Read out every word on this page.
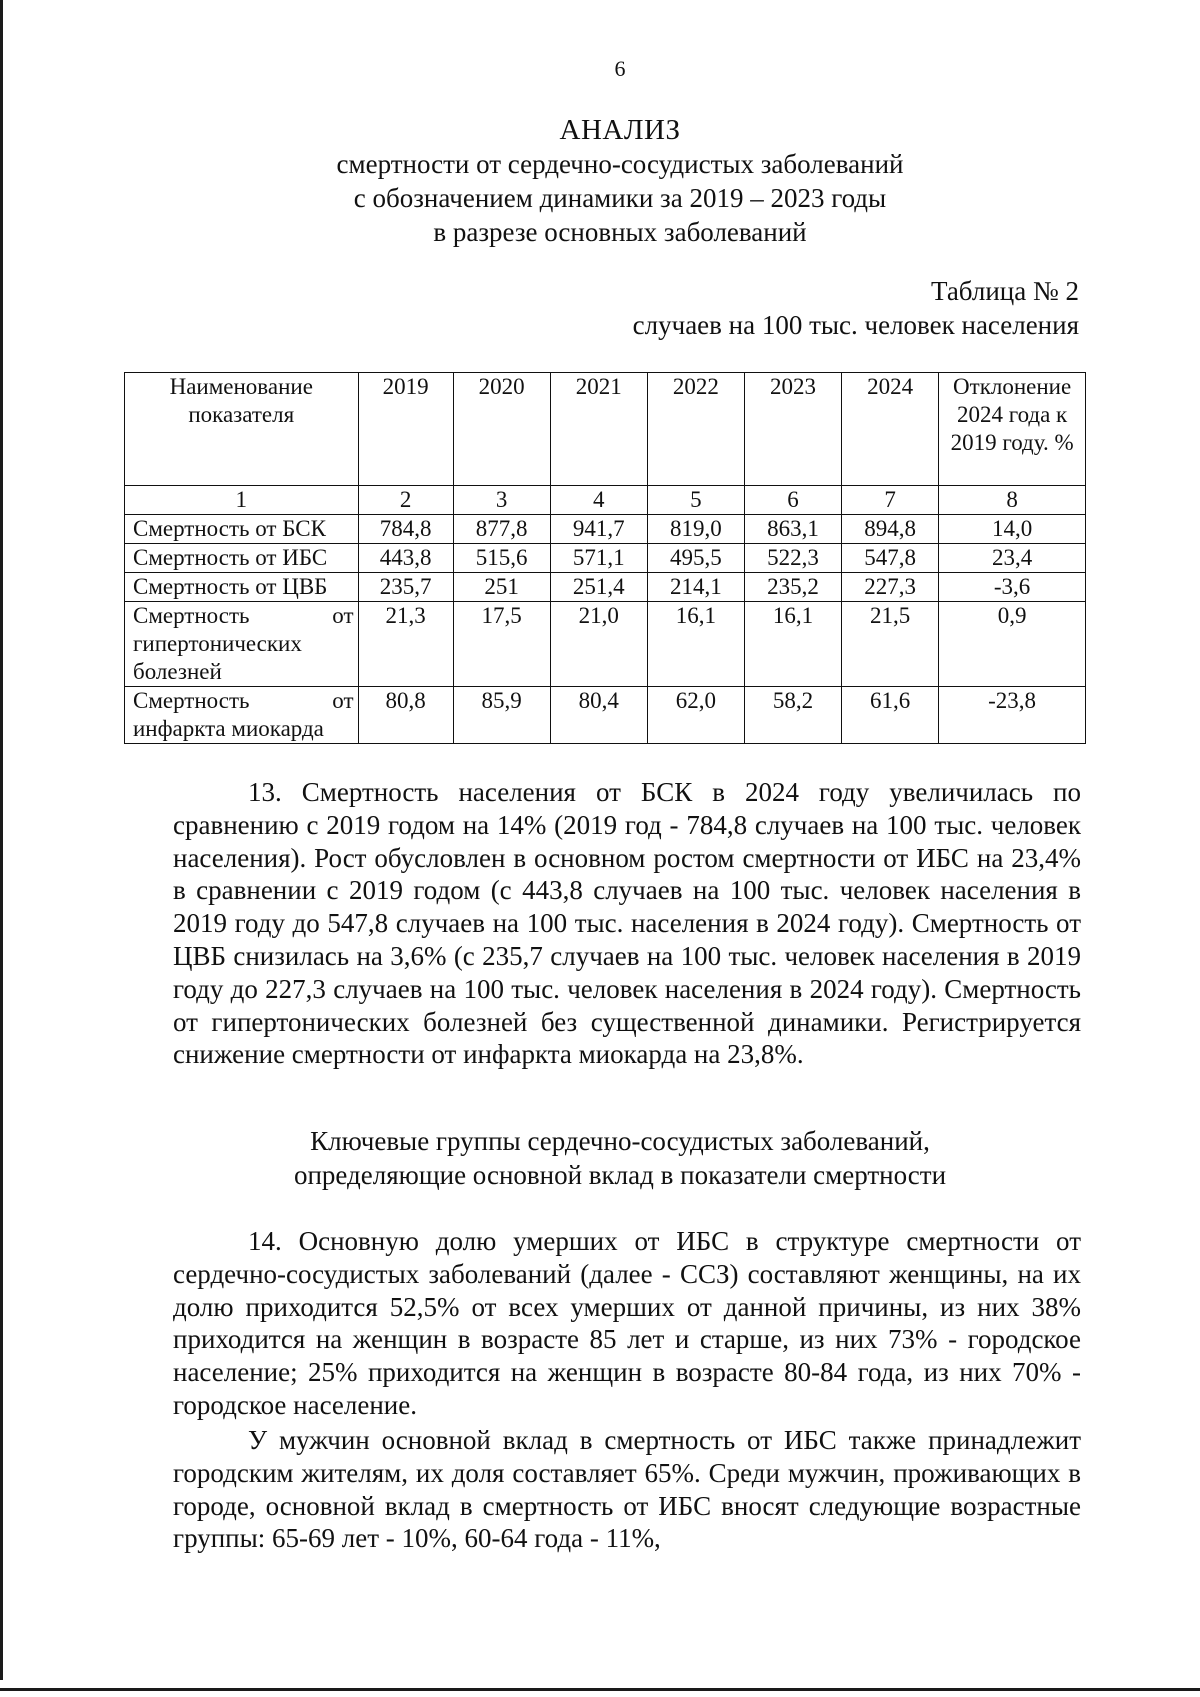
6
АНАЛИЗ
смертности от сердечно-сосудистых заболеваний
с обозначением динамики за 2019 – 2023 годы
в разрезе основных заболеваний
Таблица № 2
случаев на 100 тыс. человек населения
Наименование показателя	2019	2020	2021	2022	2023	2024	Отклонение 2024 года к 2019 году. %
1	2	3	4	5	6	7	8
Смертность от БСК	784,8	877,8	941,7	819,0	863,1	894,8	14,0
Смертность от ИБС	443,8	515,6	571,1	495,5	522,3	547,8	23,4
Смертность от ЦВБ	235,7	251	251,4	214,1	235,2	227,3	-3,6

Смертность от
гипертонических болезней	21,3	17,5	21,0	16,1	16,1	21,5	0,9

Смертность от
инфаркта миокарда	80,8	85,9	80,4	62,0	58,2	61,6	-23,8

13. Смертность населения от БСК в 2024 году увеличилась по сравнению с 2019 годом на 14% (2019 год - 784,8 случаев на 100 тыс. человек населения). Рост обусловлен в основном ростом смертности от ИБС на 23,4% в сравнении с 2019 годом (с 443,8 случаев на 100 тыс. человек населения в 2019 году до 547,8 случаев на 100 тыс. населения в 2024 году). Смертность от ЦВБ снизилась на 3,6% (с 235,7 случаев на 100 тыс. человек населения в 2019 году до 227,3 случаев на 100 тыс. человек населения в 2024 году). Смертность от гипертонических болезней без существенной динамики. Регистрируется снижение смертности от инфаркта миокарда на 23,8%.

Ключевые группы сердечно-сосудистых заболеваний,
определяющие основной вклад в показатели смертности

14. Основную долю умерших от ИБС в структуре смертности от сердечно-сосудистых заболеваний (далее - ССЗ) составляют женщины, на их долю приходится 52,5% от всех умерших от данной причины, из них 38% приходится на женщин в возрасте 85 лет и старше, из них 73% - городское население; 25% приходится на женщин в возрасте 80-84 года, из них 70% - городское население.

У мужчин основной вклад в смертность от ИБС также принадлежит городским жителям, их доля составляет 65%. Среди мужчин, проживающих в городе, основной вклад в смертность от ИБС вносят следующие возрастные группы: 65-69 лет - 10%, 60-64 года - 11%,
